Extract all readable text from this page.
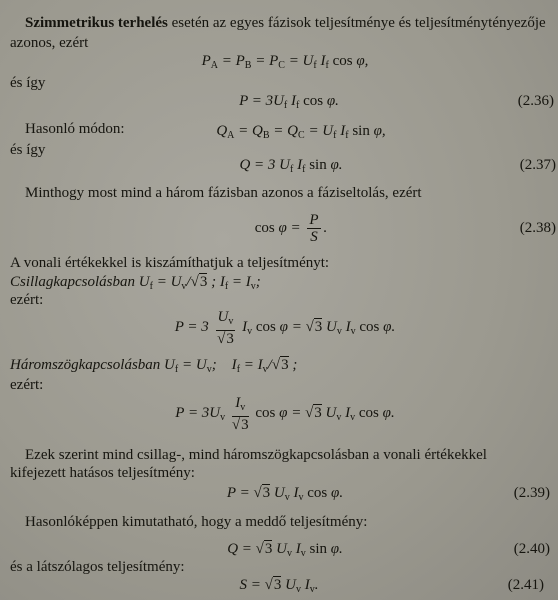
Szimmetrikus terhelés esetén az egyes fázisok teljesítménye és teljesítménytényezője
azonos, ezért
$P_A = P_B = P_C = U_f$ $I_f$ cos φ,
és így
$P = 3U_f$ $I_f$ cos φ.	(2.36)
Hasonló módon:	$Q_A = Q_B = Q_C = U_f$ $I_f$ sin φ,
és így
Q = 3 $U_f$ $I_f$ sin φ.	(2.37)
Minthogy most mind a három fázisban azonos a fáziseltolás, ezért
$\cos \varphi = \frac{P}{S}$ .	(2.38)
A vonali értékekkel is kiszámíthatjuk a teljesítményt:
Csillagkapcsolásban $U_f = U_v/√3$ ; $I_f = I_v$;
ezért:
$P = 3 \frac{U_v}{√3} I_v$ cos φ = √3 $U_v$ $I_v$ cos φ.
Háromszögkapcsolásban $U_f = U_v$;    $I_f = I_v/√3$ ;
ezért:
$P = 3U_v \frac{I_v}{√3}$ cos φ = √3 $U_v$ $I_v$ cos φ.
Ezek szerint mind csillag-, mind háromszögkapcsolásban a vonali értékekkel
kifejezett hatásos teljesítmény:
P = √3 $U_v$ $I_v$ cos φ.	(2.39)
Hasonlóképpen kimutatható, hogy a meddő teljesítmény:
Q = √3 $U_v$ $I_v$ sin φ.	(2.40)
és a látszólagos teljesítmény:
S = √3 $U_v$ $I_v$.	(2.41)
